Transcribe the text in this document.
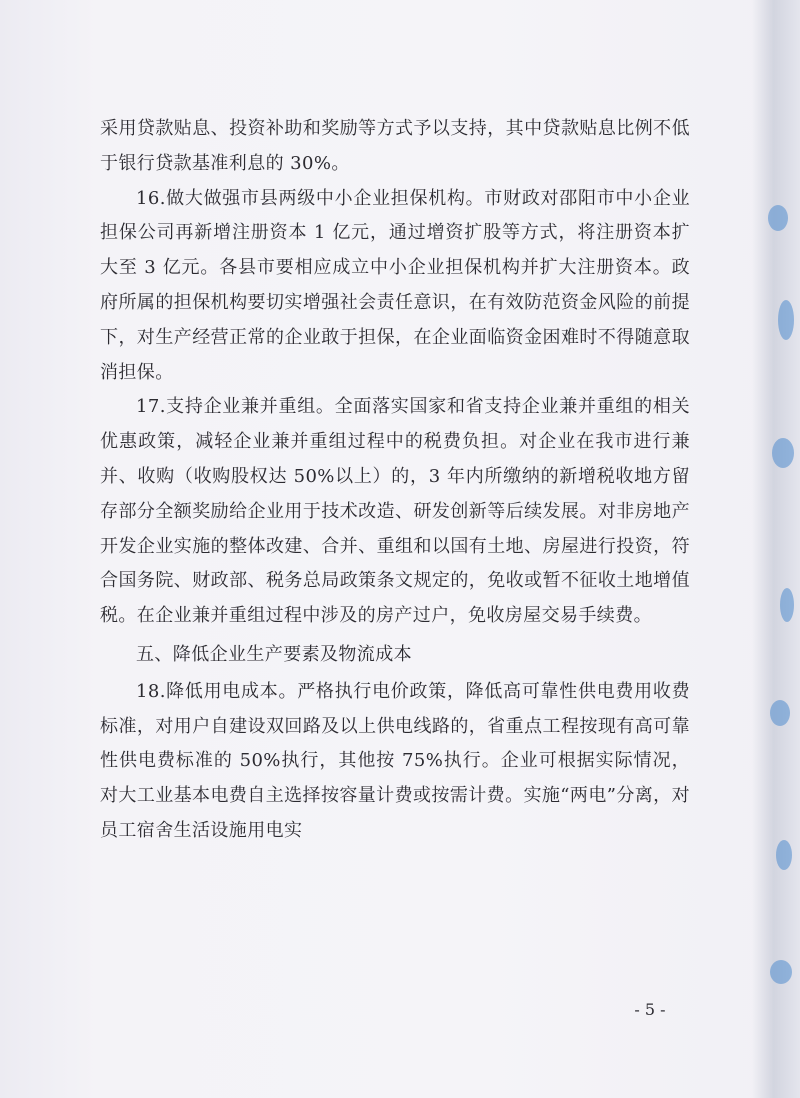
采用贷款贴息、投资补助和奖励等方式予以支持，其中贷款贴息比例不低于银行贷款基准利息的 30%。

16.做大做强市县两级中小企业担保机构。市财政对邵阳市中小企业担保公司再新增注册资本 1 亿元，通过增资扩股等方式，将注册资本扩大至 3 亿元。各县市要相应成立中小企业担保机构并扩大注册资本。政府所属的担保机构要切实增强社会责任意识，在有效防范资金风险的前提下，对生产经营正常的企业敢于担保，在企业面临资金困难时不得随意取消担保。

17.支持企业兼并重组。全面落实国家和省支持企业兼并重组的相关优惠政策，减轻企业兼并重组过程中的税费负担。对企业在我市进行兼并、收购（收购股权达 50%以上）的，3 年内所缴纳的新增税收地方留存部分全额奖励给企业用于技术改造、研发创新等后续发展。对非房地产开发企业实施的整体改建、合并、重组和以国有土地、房屋进行投资，符合国务院、财政部、税务总局政策条文规定的，免收或暂不征收土地增值税。在企业兼并重组过程中涉及的房产过户，免收房屋交易手续费。

五、降低企业生产要素及物流成本

18.降低用电成本。严格执行电价政策，降低高可靠性供电费用收费标准，对用户自建设双回路及以上供电线路的，省重点工程按现有高可靠性供电费标准的 50%执行，其他按 75%执行。企业可根据实际情况，对大工业基本电费自主选择按容量计费或按需计费。实施“两电”分离，对员工宿舍生活设施用电实

- 5 -
